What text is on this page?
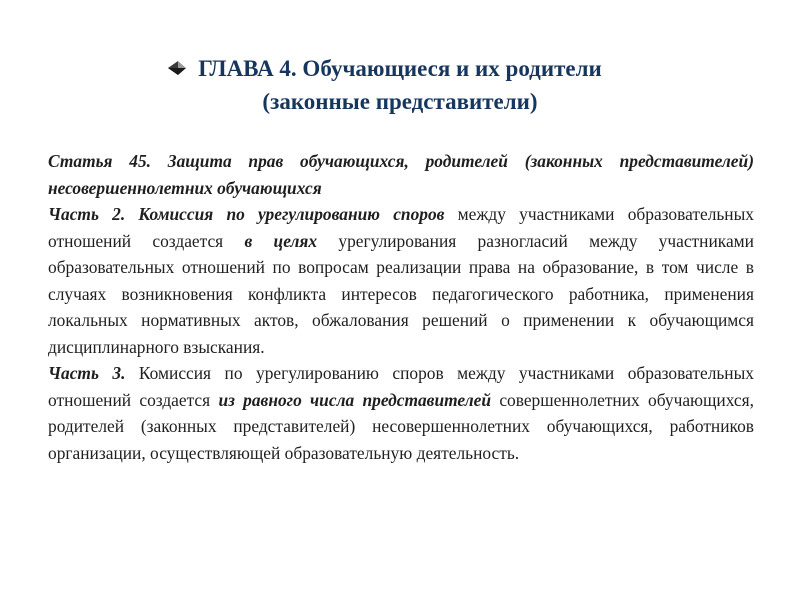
ГЛАВА 4. Обучающиеся и их родители
(законные представители)

Статья 45. Защита прав обучающихся, родителей (законных представителей) несовершеннолетних обучающихся

Часть 2. Комиссия по урегулированию споров между участниками образовательных отношений создается в целях урегулирования разногласий между участниками образовательных отношений по вопросам реализации права на образование, в том числе в случаях возникновения конфликта интересов педагогического работника, применения локальных нормативных актов, обжалования решений о применении к обучающимся дисциплинарного взыскания.

Часть 3. Комиссия по урегулированию споров между участниками образовательных отношений создается из равного числа представителей совершеннолетних обучающихся, родителей (законных представителей) несовершеннолетних обучающихся, работников организации, осуществляющей образовательную деятельность.
